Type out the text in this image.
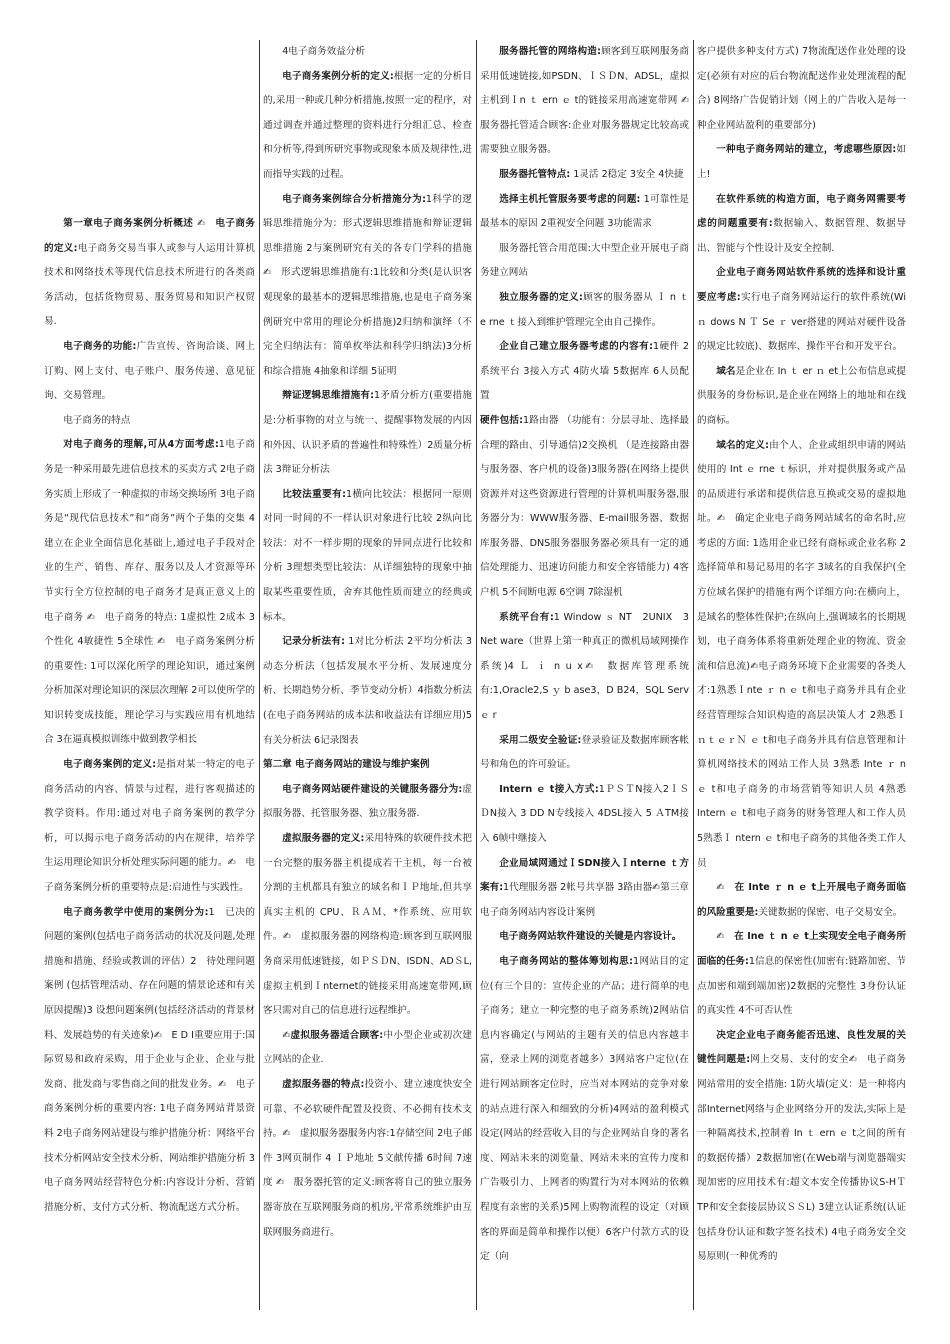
第一章电子商务案例分析概述 ✍　电子商务的定义:电子商务交易当事人或参与人运用计算机技术和网络技术等现代信息技术所进行的各类商务活动，包括货物贸易、服务贸易和知识产权贸易.

电子商务的功能:广告宣传、咨询洽谈、网上订购、网上支付、电子账户、服务传递、意见征询、交易管理。

电子商务的特点

对电子商务的理解,可从4方面考虑:1电子商务是一种采用最先进信息技术的买卖方式 2电子商务实质上形成了一种虚拟的市场交换场所 3电子商务是“现代信息技术”和“商务”两个子集的交集 4建立在企业全面信息化基础上,通过电子手段对企业的生产、销售、库存、服务以及人才资源等环节实行全方位控制的电子商务才是真正意义上的电子商务 ✍　电子商务的特点: 1虚拟性 2成本 3个性化 4敏捷性 5全球性 ✍　电子商务案例分析的重要性: 1可以深化所学的理论知识，通过案例分析加深对理论知识的深层次理解 2可以使所学的知识转变成技能，理论学习与实践应用有机地结合 3在逼真模拟训练中做到教学相长

电子商务案例的定义:是指对某一特定的电子商务活动的内容、情景与过程，进行客观描述的教学资料。作用:通过对电子商务案例的教学分析，可以揭示电子商务活动的内在规律，培养学生运用理论知识分析处理实际问题的能力。✍　电子商务案例分析的重要特点是:启迪性与实践性。

电子商务教学中使用的案例分为:1　已决的问题的案例(包括电子商务活动的状况及问题,处理措施和措施、经验或教训的评估）2　待处理问题案例 (包括管理活动、存在问题的情景论述和有关原因提醒)3 设想问题案例(包括经济活动的背景材料、发展趋势的有关迹象)✍　E D I重要应用于:国际贸易和政府采购，用于企业与企业、企业与批发商、批发商与零售商之间的批发业务。✍　电子商务案例分析的重要内容: 1电子商务网站背景资料 2电子商务网站建设与维护措施分析：网络平台技术分析网站安全技术分析、网站维护措施分析 3电子商务网站经营特色分析:内容设计分析、营销措施分析、支付方式分析、物流配送方式分析。

4电子商务效益分析

电子商务案例分析的定义:根据一定的分析目的,采用一种或几种分析措施,按照一定的程序，对通过调查并通过整理的资料进行分组汇总、检查和分析等,得到所研究事物或现象本质及规律性,进而指导实践的过程。

电子商务案例综合分析措施分为:1科学的逻辑思维措施分为：形式逻辑思维措施和辩证逻辑思维措施 2与案例研究有关的各专门学科的措施 ✍　形式逻辑思维措施有:1比较和分类(是认识客观现象的最基本的逻辑思维措施,也是电子商务案例研究中常用的理论分析措施)2归纳和演绎（不完全归纳法有：简单枚举法和科学归纳法)3分析和综合措施 4抽象和详细 5证明

辩证逻辑思维措施有:1矛盾分析方(重要措施是:分析事物的对立与统一、提醒事物发展的内因和外因、认识矛盾的普遍性和特殊性）2质量分析法 3辩证分析法

比较法重要有:1横向比较法：根据同一原则对同一时间的不一样认识对象进行比较 2纵向比较法：对不一样步期的现象的异同点进行比较和分析 3理想类型比较法：从详细独特的现象中抽取某些重要性质，舍弃其他性质而建立的经典或标本。

记录分析法有: 1对比分析法 2平均分析法 3动态分析法（包括发展水平分析、发展速度分析、长期趋势分析、季节变动分析）4指数分析法(在电子商务网站的成本法和收益法有详细应用)5有关分析法 6记录图表

第二章 电子商务网站的建设与维护案例

电子商务网站硬件建设的关键服务器分为:虚拟服务器、托管服务器、独立服务器.

虚拟服务器的定义:采用特殊的软硬件技术把一台完整的服务器主机提成若干主机，每一台被分割的主机都具有独立的域名和ＩＰ地址,但共享真实主机的 CPU、ＲＡＭ、*作系统、应用软件。✍　虚拟服务器的网络构造:顾客到互联网服务商采用低速链接，如ＰＳＤN、ISDN、ADＳL,虚拟主机到Ｉnternet的链接采用高速宽带网,顾客只需对自己的信息进行远程维护。

✍虚拟服务器适合顾客:中小型企业或初次建立网站的企业.

虚拟服务器的特点:投资小、建立速度快安全可靠、不必软硬件配置及投资、不必拥有技术支持。✍　虚拟服务器服务内容:1存储空间 2电子邮件 3网页制作 4 ＩＰ地址 5文献传播 6时间 7速度 ✍　服务器托管的定义:顾客将自己的独立服务器寄放在互联网服务商的机房,平常系统维护由互联网服务商进行。

服务器托管的网络构造:顾客到互联网服务商采用低速链接,如PSDN、ＩＳＤN、ADSL，虚拟主机到Ｉn ｔ ern ｅ t的链接采用高速宽带网 ✍　服务器托管适合顾客:企业对服务器规定比较高或需要独立服务器。

服务器托管特点: 1灵活 2稳定 3安全 4快捷

选择主机托管服务要考虑的问题: 1可靠性是最基本的原因 2重视安全问题 3功能需求

服务器托管合用范围:大中型企业开展电子商务建立网站

独立服务器的定义:顾客的服务器从 Ｉ n ｔ e rne ｔ接入到维护管理完全由自己操作。

企业自己建立服务器考虑的内容有:1硬件 2系统平台 3接入方式 4防火墙 5数据库 6人员配置

硬件包括:1路由器 （功能有：分层寻址、选择最合理的路由、引导通信)2交换机 （是连接路由器与服务器、客户机的设备)3服务器(在网络上提供资源并对这些资源进行管理的计算机叫服务器,服务器分为：WWW服务器、E-mail服务器、数据库服务器、DNS服务器服务器必须具有一定的通信处理能力、迅速访问能力和安全容错能力) 4客户机 5不间断电源 6空调 7除湿机

系统平台有:1 Window ｓ NT　2UNIX　3 Net ware（世界上第一种真正的微机局域网操作系统)4 Ｌ ｉ n u x✍　数据库管理系统有:1,Oracle2,S ｙ b ase3，D B24，SQL Serv ｅ r

采用二级安全验证:登录验证及数据库顾客帐号和角色的许可验证。

Intern ｅ t接入方式:1ＰＳＴN接入2ＩＳＤN接入 3 DD N专线接入 4DSL接入 5 ＡTM接入 6帧中继接入

企业局域网通过ＩSDN接入Ｉnterne ｔ方案有:1代理服务器 2帐号共享器 3路由器✍第三章 电子商务网站内容设计案例

电子商务网站软件建设的关键是内容设计。

电子商务网站的整体筹划构思:1网站目的定位(有三个目的：宣传企业的产品；进行简单的电子商务；建立一种完整的电子商务系统)2网站信息内容确定(与网站的主题有关的信息内容越丰富，登录上网的浏览者越多）3网站客户定位(在进行网站顾客定位时，应当对本网站的竞争对象的站点进行深入和细致的分析)4网站的盈利模式设定(网站的经营收入目的与企业网站自身的著名度、网站未来的浏览量、网站未来的宣传力度和广告吸引力、上网者的购置行为对本网站的依赖程度有亲密的关系)5网上购物流程的设定（对顾客的界面是简单和操作以便）6客户付款方式的设定（向

客户提供多种支付方式) 7物流配送作业处理的设定(必须有对应的后台物流配送作业处理流程的配合) 8网络广告促销计划（网上的广告收入是每一种企业网站盈利的重要部分)

一种电子商务网站的建立，考虑哪些原因:如上!

在软件系统的构造方面，电子商务网需要考虑的问题重要有:数据输入、数据管理、数据导出、智能与个性设计及安全控制.

企业电子商务网站软件系统的选择和设计重要应考虑:实行电子商务网站运行的软件系统(Wi ｎ dows N Ｔ Se ｒ ver搭建的网站对硬件设备的规定比较底)、数据库、操作平台和开发平台。

域名是企业在 In ｔ er ｎ et上公布信息或提供服务的身份标识,是企业在网络上的地址和在线的商标。

域名的定义:由个人、企业或组织申请的网站使用的 Int ｅ rne ｔ标识，并对提供服务或产品的品质进行承诺和提供信息互换或交易的虚拟地址。✍　确定企业电子商务网站域名的命名时,应考虑的方面: 1选用企业已经有商标或企业名称 2选择简单和易记易用的名字 3域名的自我保护(全方位域名保护的措施有两个详细方向:在横向上，是域名的整体性保护;在纵向上,强调域名的长期规划，电子商务体系将重新处理企业的物流、资金流和信息流)✍电子商务环境下企业需要的各类人才:1熟悉Ｉnte ｒ n ｅ t和电子商务并具有企业经营管理综合知识构造的高层决策人才 2熟悉ＩｎｔｅｒＮ ｅ t和电子商务并具有信息管理和计算机网络技术的网站工作人员 3熟悉 Inte ｒ n ｅ t和电子商务的市场营销等知识人员 4熟悉 Intern ｅ t和电子商务的财务管理人和工作人员 5熟悉Ｉ ntern ｅ t和电子商务的其他各类工作人员

✍　在 Inte ｒ n ｅ t上开展电子商务面临的风险重要是:关键数据的保密、电子交易安全。

✍　在 Ine ｔ n ｅ t上实现安全电子商务所面临的任务:1信息的保密性(加密有:链路加密、节点加密和端到端加密)2数据的完整性 3身份认证的真实性 4不可否认性

决定企业电子商务能否迅速、良性发展的关键性问题是:网上交易、支付的安全✍　电子商务网站常用的安全措施: 1防火墙(定义：是一种将内部Internet网络与企业网络分开的发法,实际上是一种隔离技术,控制着 In ｔ ern ｅ t之间的所有的数据传播）2数据加密(在Web端与浏览器端实现加密的应用技术有:超文本安全传播协议S-HＴTP和安全套接层协议ＳＳL) 3建立认证系统(认证包括身份认证和数字签名技术) 4电子商务安全交易原则(一种优秀的
